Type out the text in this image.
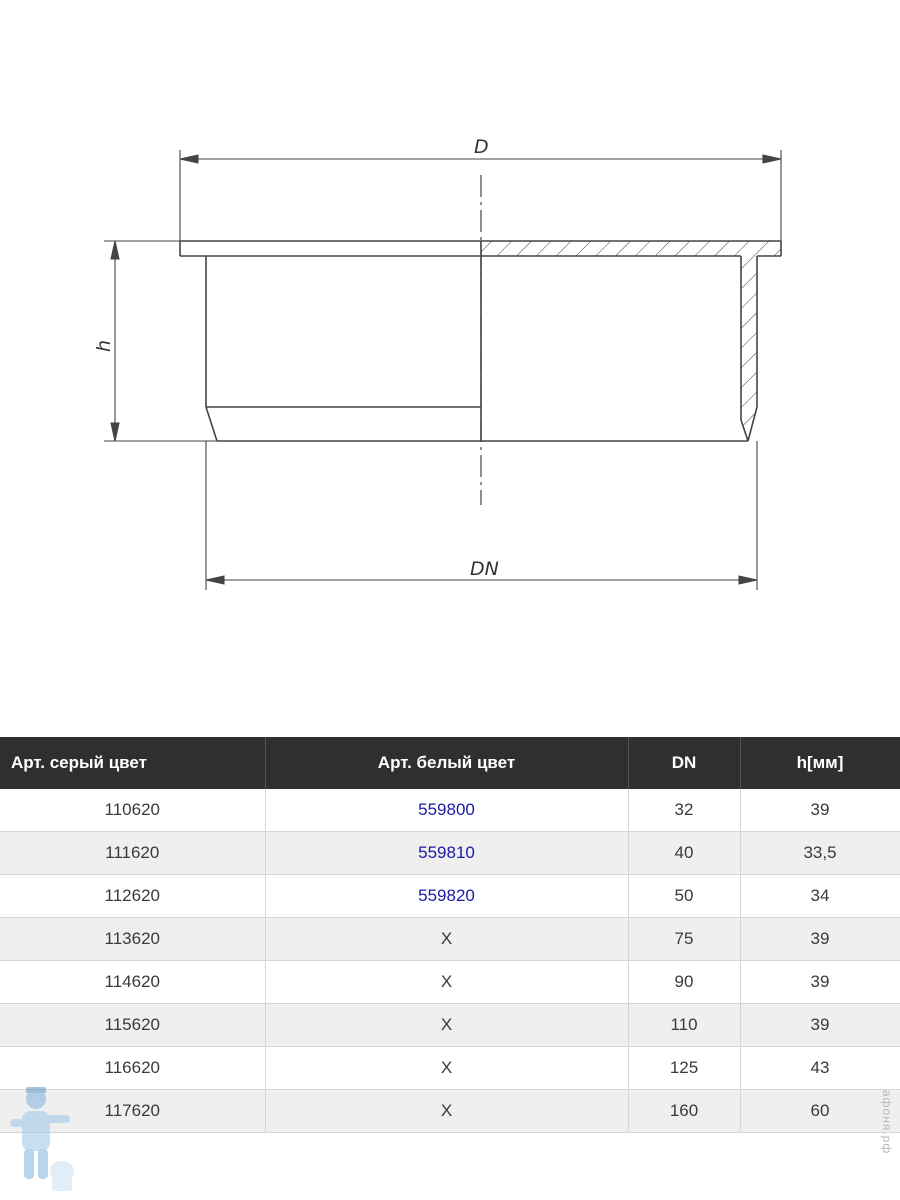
D
h
DN
Арт. серый цвет	Арт. белый цвет	DN	h[мм]
110620	559800	32	39
111620	559810	40	33,5
112620	559820	50	34
113620	X	75	39
114620	X	90	39
115620	X	110	39
116620	X	125	43
117620	X	160	60	афоня.рф
